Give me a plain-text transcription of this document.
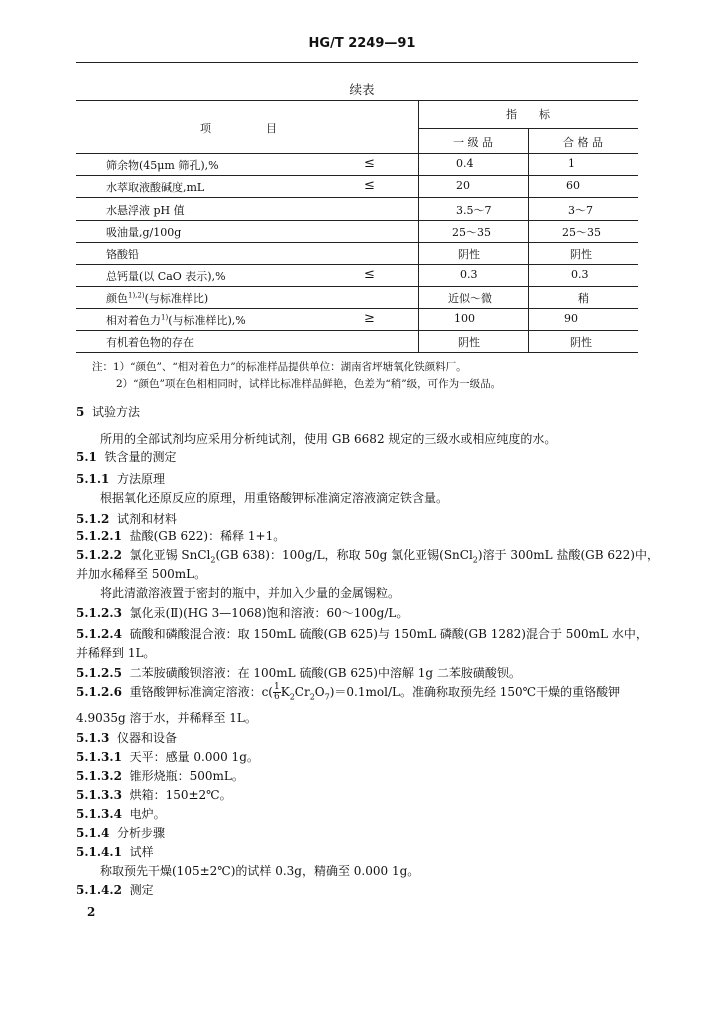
HG/T 2249—91
续表
项　　　　　目
指　　标
一 级 品	合 格 品
筛余物(45μm 筛孔),%	≤	0.4	1
水萃取液酸碱度,mL	≤	20	60
水悬浮液 pH 值	3.5～7	3～7
吸油量,g/100g	25～35	25～35
铬酸铅	阴性	阴性
总钙量(以 CaO 表示),%	≤	0.3	0.3
颜色$^{1),2)}$(与标准样比)	近似～微	稍
相对着色力$^{1)}$(与标准样比),%	≥	100	90
有机着色物的存在	阴性	阴性
注：1）“颜色”、“相对着色力”的标准样品提供单位：湖南省坪塘氧化铁颜料厂。
2）“颜色”项在色相相同时，试样比标准样品鲜艳，色差为“稍”级，可作为一级品。
5 试验方法
所用的全部试剂均应采用分析纯试剂，使用 GB 6682 规定的三级水或相应纯度的水。
5.1 铁含量的测定
5.1.1 方法原理
根据氧化还原反应的原理，用重铬酸钾标准滴定溶液滴定铁含量。
5.1.2 试剂和材料
5.1.2.1 盐酸(GB 622)：稀释 1+1。
5.1.2.2 氯化亚锡 SnCl$_2$(GB 638)：100g/L，称取 50g 氯化亚锡(SnCl$_2$)溶于 300mL 盐酸(GB 622)中，
并加水稀释至 500mL。
将此清澈溶液置于密封的瓶中，并加入少量的金属锡粒。
5.1.2.3 氯化汞(Ⅱ)(HG 3—1068)饱和溶液：60～100g/L。
5.1.2.4 硫酸和磷酸混合液：取 150mL 硫酸(GB 625)与 150mL 磷酸(GB 1282)混合于 500mL 水中，
并稀释到 1L。
5.1.2.5 二苯胺磺酸钡溶液：在 100mL 硫酸(GB 625)中溶解 1g 二苯胺磺酸钡。
5.1.2.6 重铬酸钾标准滴定溶液：$c( \frac{1}{6} K_2Cr_2O_7)=0.1mol/L$。准确称取预先经 150℃干燥的重铬酸钾
4.9035g 溶于水，并稀释至 1L。
5.1.3 仪器和设备
5.1.3.1 天平：感量 0.000 1g。
5.1.3.2 锥形烧瓶：500mL。
5.1.3.3 烘箱：150±2℃。
5.1.3.4 电炉。
5.1.4 分析步骤
5.1.4.1 试样
称取预先干燥(105±2℃)的试样 0.3g，精确至 0.000 1g。
5.1.4.2 测定
2
